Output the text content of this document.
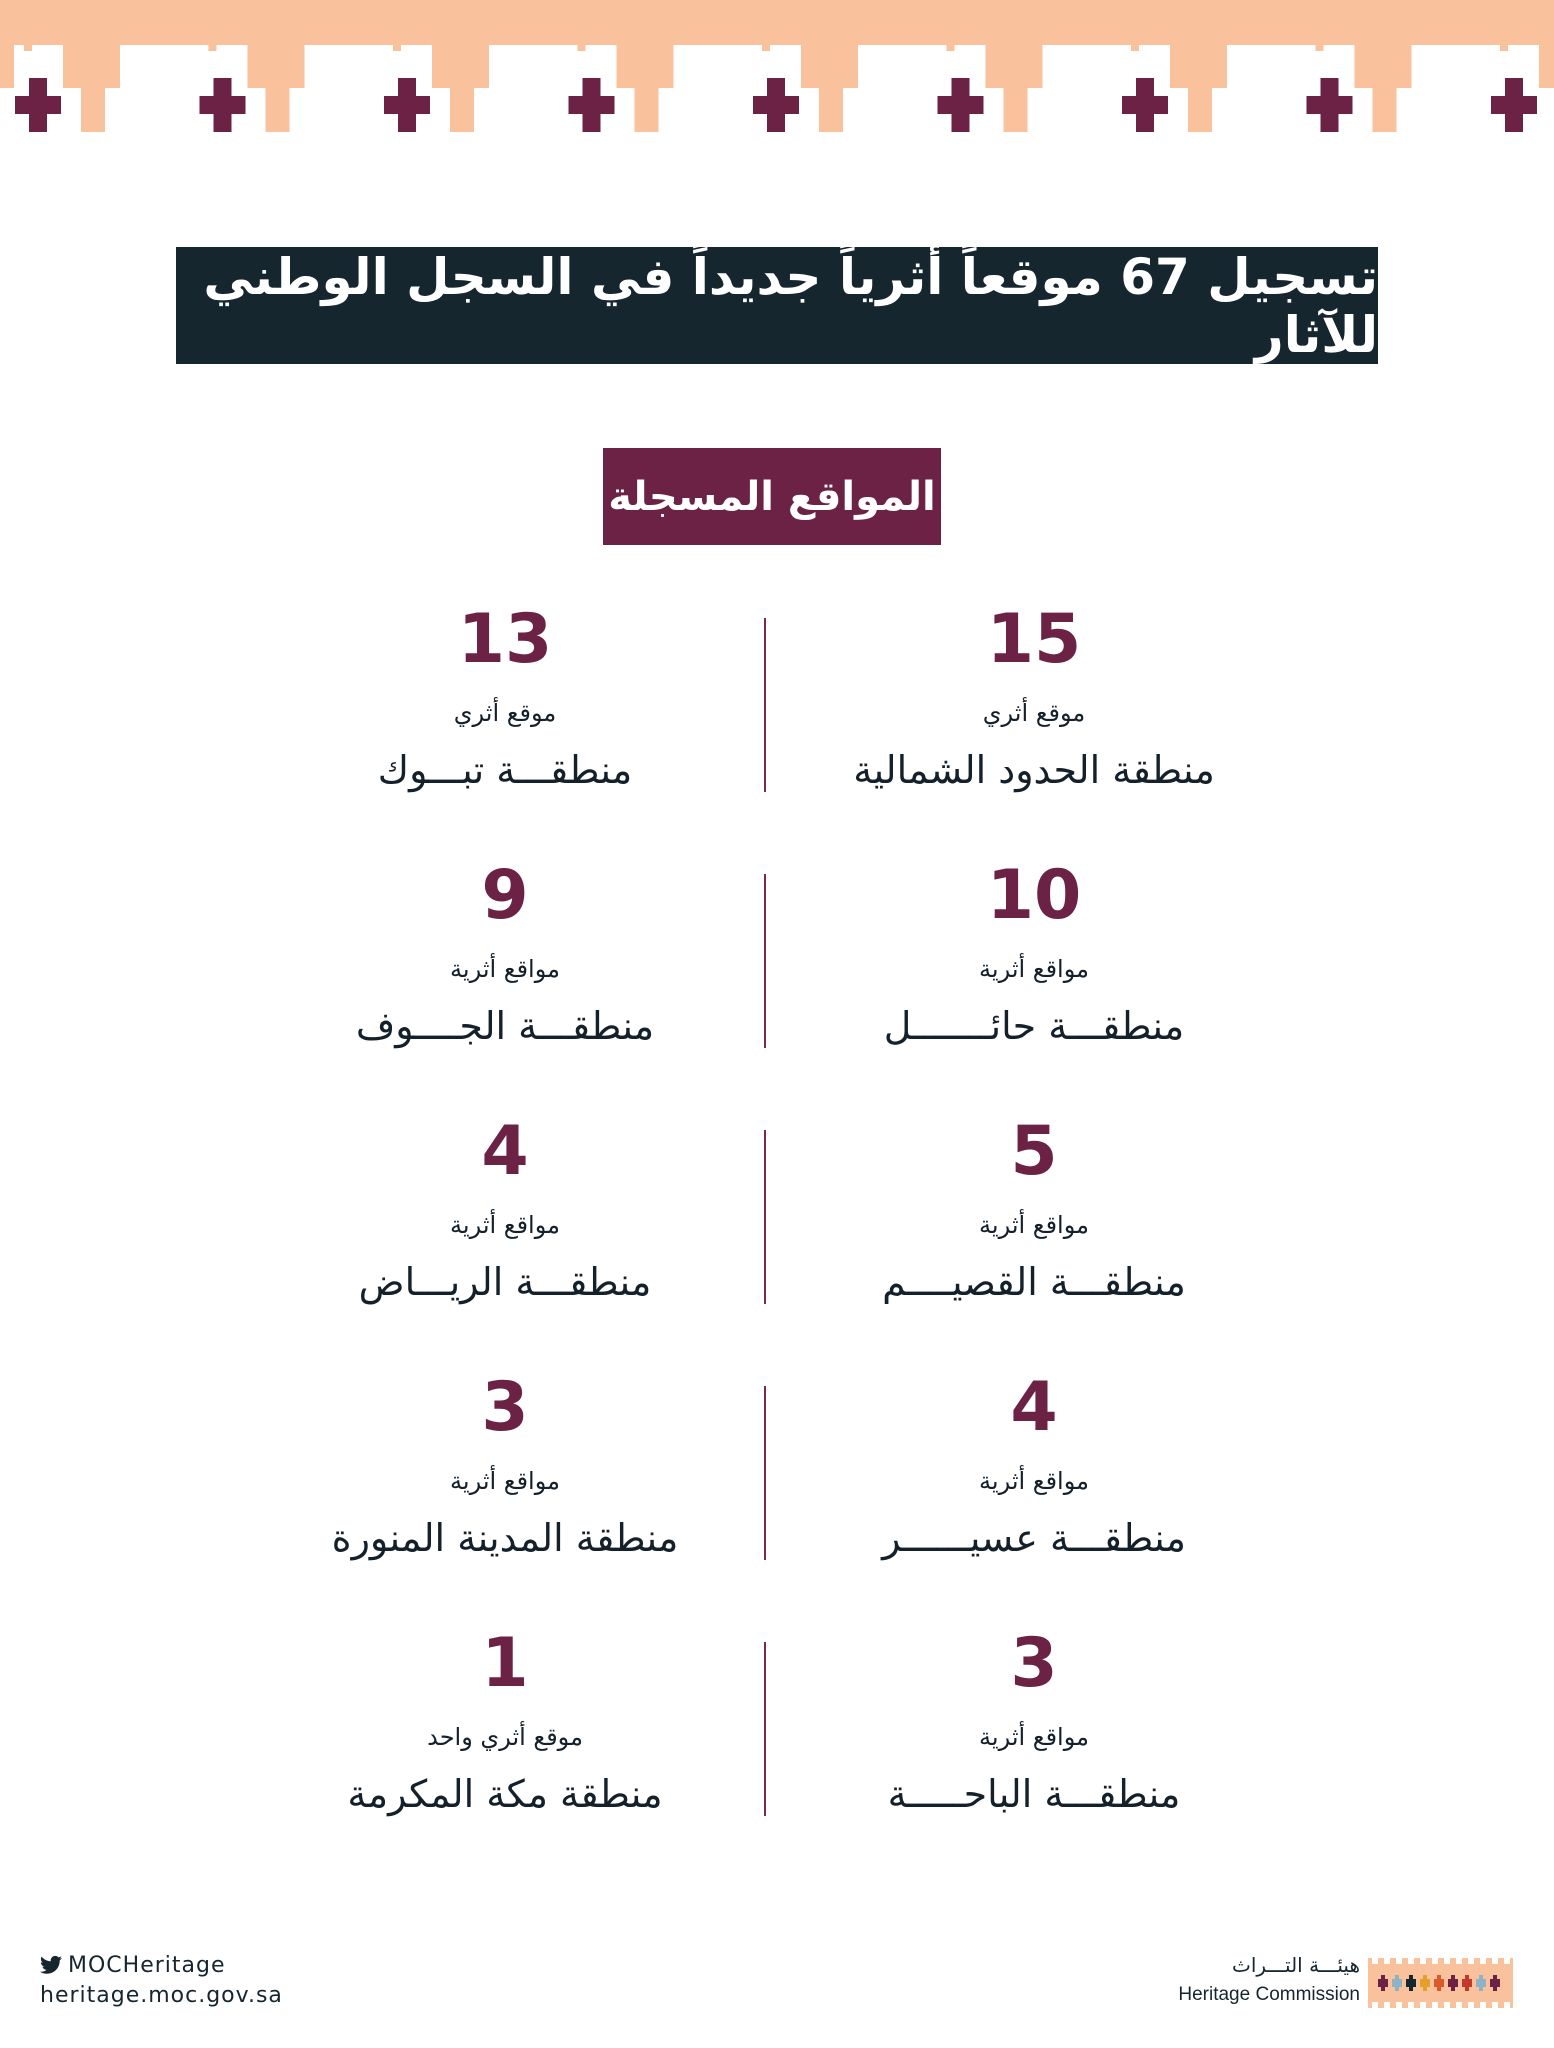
تسجيل 67 موقعاً أثرياً جديداً في السجل الوطني للآثار
المواقع المسجلة
15
موقع أثري
منطقة الحدود الشمالية
13
موقع أثري
منطقـــة تبـــوك
10
مواقع أثرية
منطقـــة حائـــــــل
9
مواقع أثرية
منطقـــة الجــــوف
5
مواقع أثرية
منطقـــة القصيــــم
4
مواقع أثرية
منطقـــة الريـــاض
4
مواقع أثرية
منطقـــة عسيــــــر
3
مواقع أثرية
منطقة المدينة المنورة
3
مواقع أثرية
منطقـــة الباحـــــة
1
موقع أثري واحد
منطقة مكة المكرمة
MOCHeritage
heritage.moc.gov.sa
هيئـــة التـــراث
Heritage Commission
